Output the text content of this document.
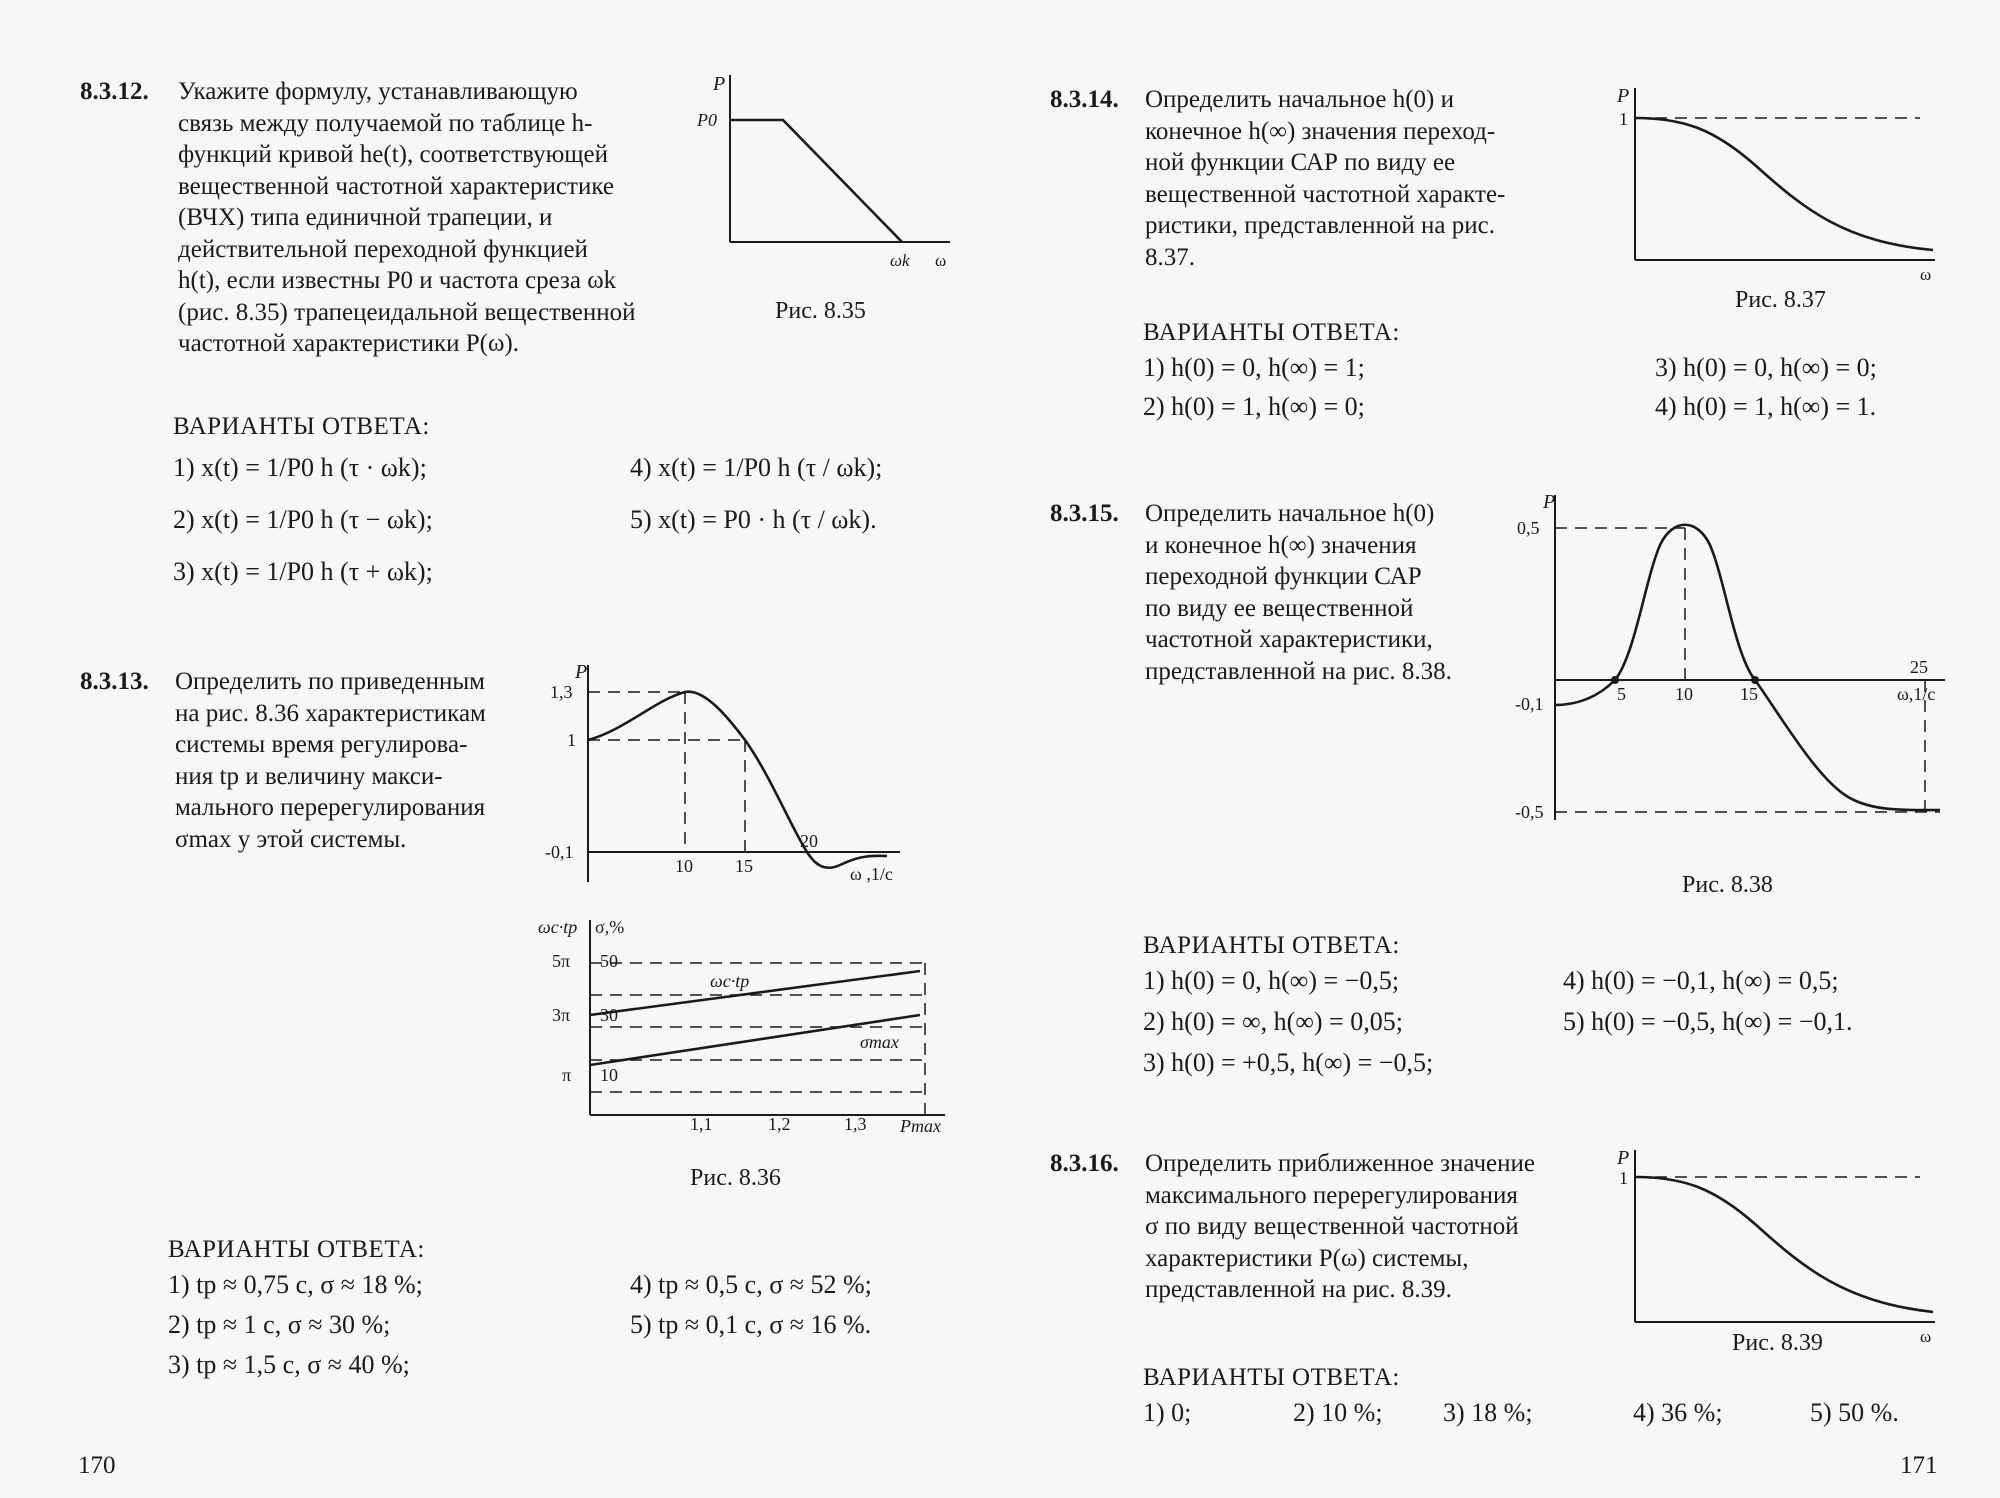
8.3.12. Укажите формулу, устанавливающую
связь между получаемой по таблице h-
функций кривой he(t), соответствующей
вещественной частотной характеристике
(ВЧХ) типа единичной трапеции, и
действительной переходной функцией
h(t), если известны P0 и частота среза ωk
(рис. 8.35) трапецеидальной вещественной
частотной характеристики P(ω).
P
P0
ωk ω
Рис. 8.35
ВАРИАНТЫ ОТВЕТА:
1) x(t) = 1/P0 h (τ · ωk);
2) x(t) = 1/P0 h (τ − ωk);
3) x(t) = 1/P0 h (τ + ωk);
4) x(t) = 1/P0 h (τ / ωk);
5) x(t) = P0 · h (τ / ωk).
8.3.13. Определить по приведенным
на рис. 8.36 характеристикам
системы время регулирова-
ния tp и величину макси-
мального перерегулирования
σmax у этой системы.
P
1,3
1
-0,1
10 15
20
ω ,1/c
ωc·tp σ,%
5π
3π
π
50
30
10
1,1	1,2	1,3 Pmax
ωc·tp
σmax
Рис. 8.36
ВАРИАНТЫ ОТВЕТА:
1) tp ≈ 0,75 с, σ ≈ 18 %;
2) tp ≈ 1 с, σ ≈ 30 %;
3) tp ≈ 1,5 с, σ ≈ 40 %;
4) tp ≈ 0,5 с, σ ≈ 52 %;
5) tp ≈ 0,1 с, σ ≈ 16 %.
170
8.3.14. Определить начальное h(0) и
конечное h(∞) значения переход-
ной функции САР по виду ее
вещественной частотной характе-
ристики, представленной на рис.
8.37.
P
1
ω
Рис. 8.37
ВАРИАНТЫ ОТВЕТА:
1) h(0) = 0, h(∞) = 1;
2) h(0) = 1, h(∞) = 0;
3) h(0) = 0, h(∞) = 0;
4) h(0) = 1, h(∞) = 1.
8.3.15. Определить начальное h(0)
и конечное h(∞) значения
переходной функции САР
по виду ее вещественной
частотной характеристики,
представленной на рис. 8.38.
P
0,5
-0,1
-0,5
5	10	15
25
ω,1/c
Рис. 8.38
ВАРИАНТЫ ОТВЕТА:
1) h(0) = 0, h(∞) = −0,5;
2) h(0) = ∞, h(∞) = 0,05;
3) h(0) = +0,5, h(∞) = −0,5;
4) h(0) = −0,1, h(∞) = 0,5;
5) h(0) = −0,5, h(∞) = −0,1.
8.3.16. Определить приближенное значение
максимального перерегулирования
σ по виду вещественной частотной
характеристики P(ω) системы,
представленной на рис. 8.39.
P
1
ω
Рис. 8.39
ВАРИАНТЫ ОТВЕТА:
1) 0;	2) 10 %; 3) 18 %;	4) 36 %;	5) 50 %.
171
